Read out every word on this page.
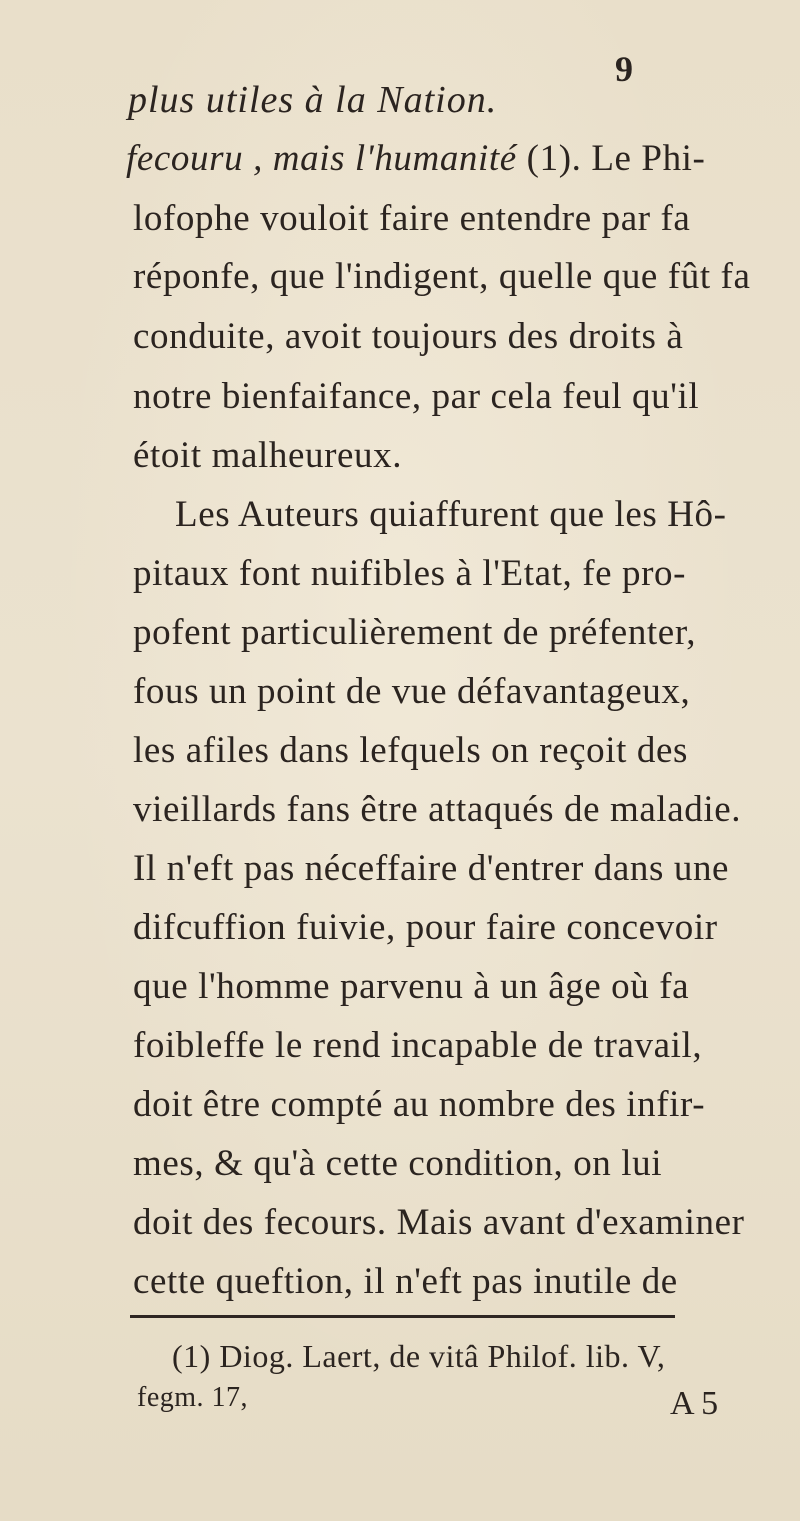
plus utiles à la Nation.
9
fecouru , mais l'humanité (1). Le Phi-
lofophe vouloit faire entendre par fa
réponfe, que l'indigent, quelle que fût fa
conduite, avoit toujours des droits à
notre bienfaifance, par cela feul qu'il
étoit malheureux.
Les Auteurs quiaffurent que les Hô-
pitaux font nuifibles à l'Etat, fe pro-
pofent particulièrement de préfenter,
fous un point de vue défavantageux,
les afiles dans lefquels on reçoit des
vieillards fans être attaqués de maladie.
Il n'eft pas néceffaire d'entrer dans une
difcuffion fuivie, pour faire concevoir
que l'homme parvenu à un âge où fa
foibleffe le rend incapable de travail,
doit être compté au nombre des infir-
mes, & qu'à cette condition, on lui
doit des fecours. Mais avant d'examiner
cette queftion, il n'eft pas inutile de
(1) Diog. Laert, de vitâ Philof. lib. V,
fegm. 17,	A 5
